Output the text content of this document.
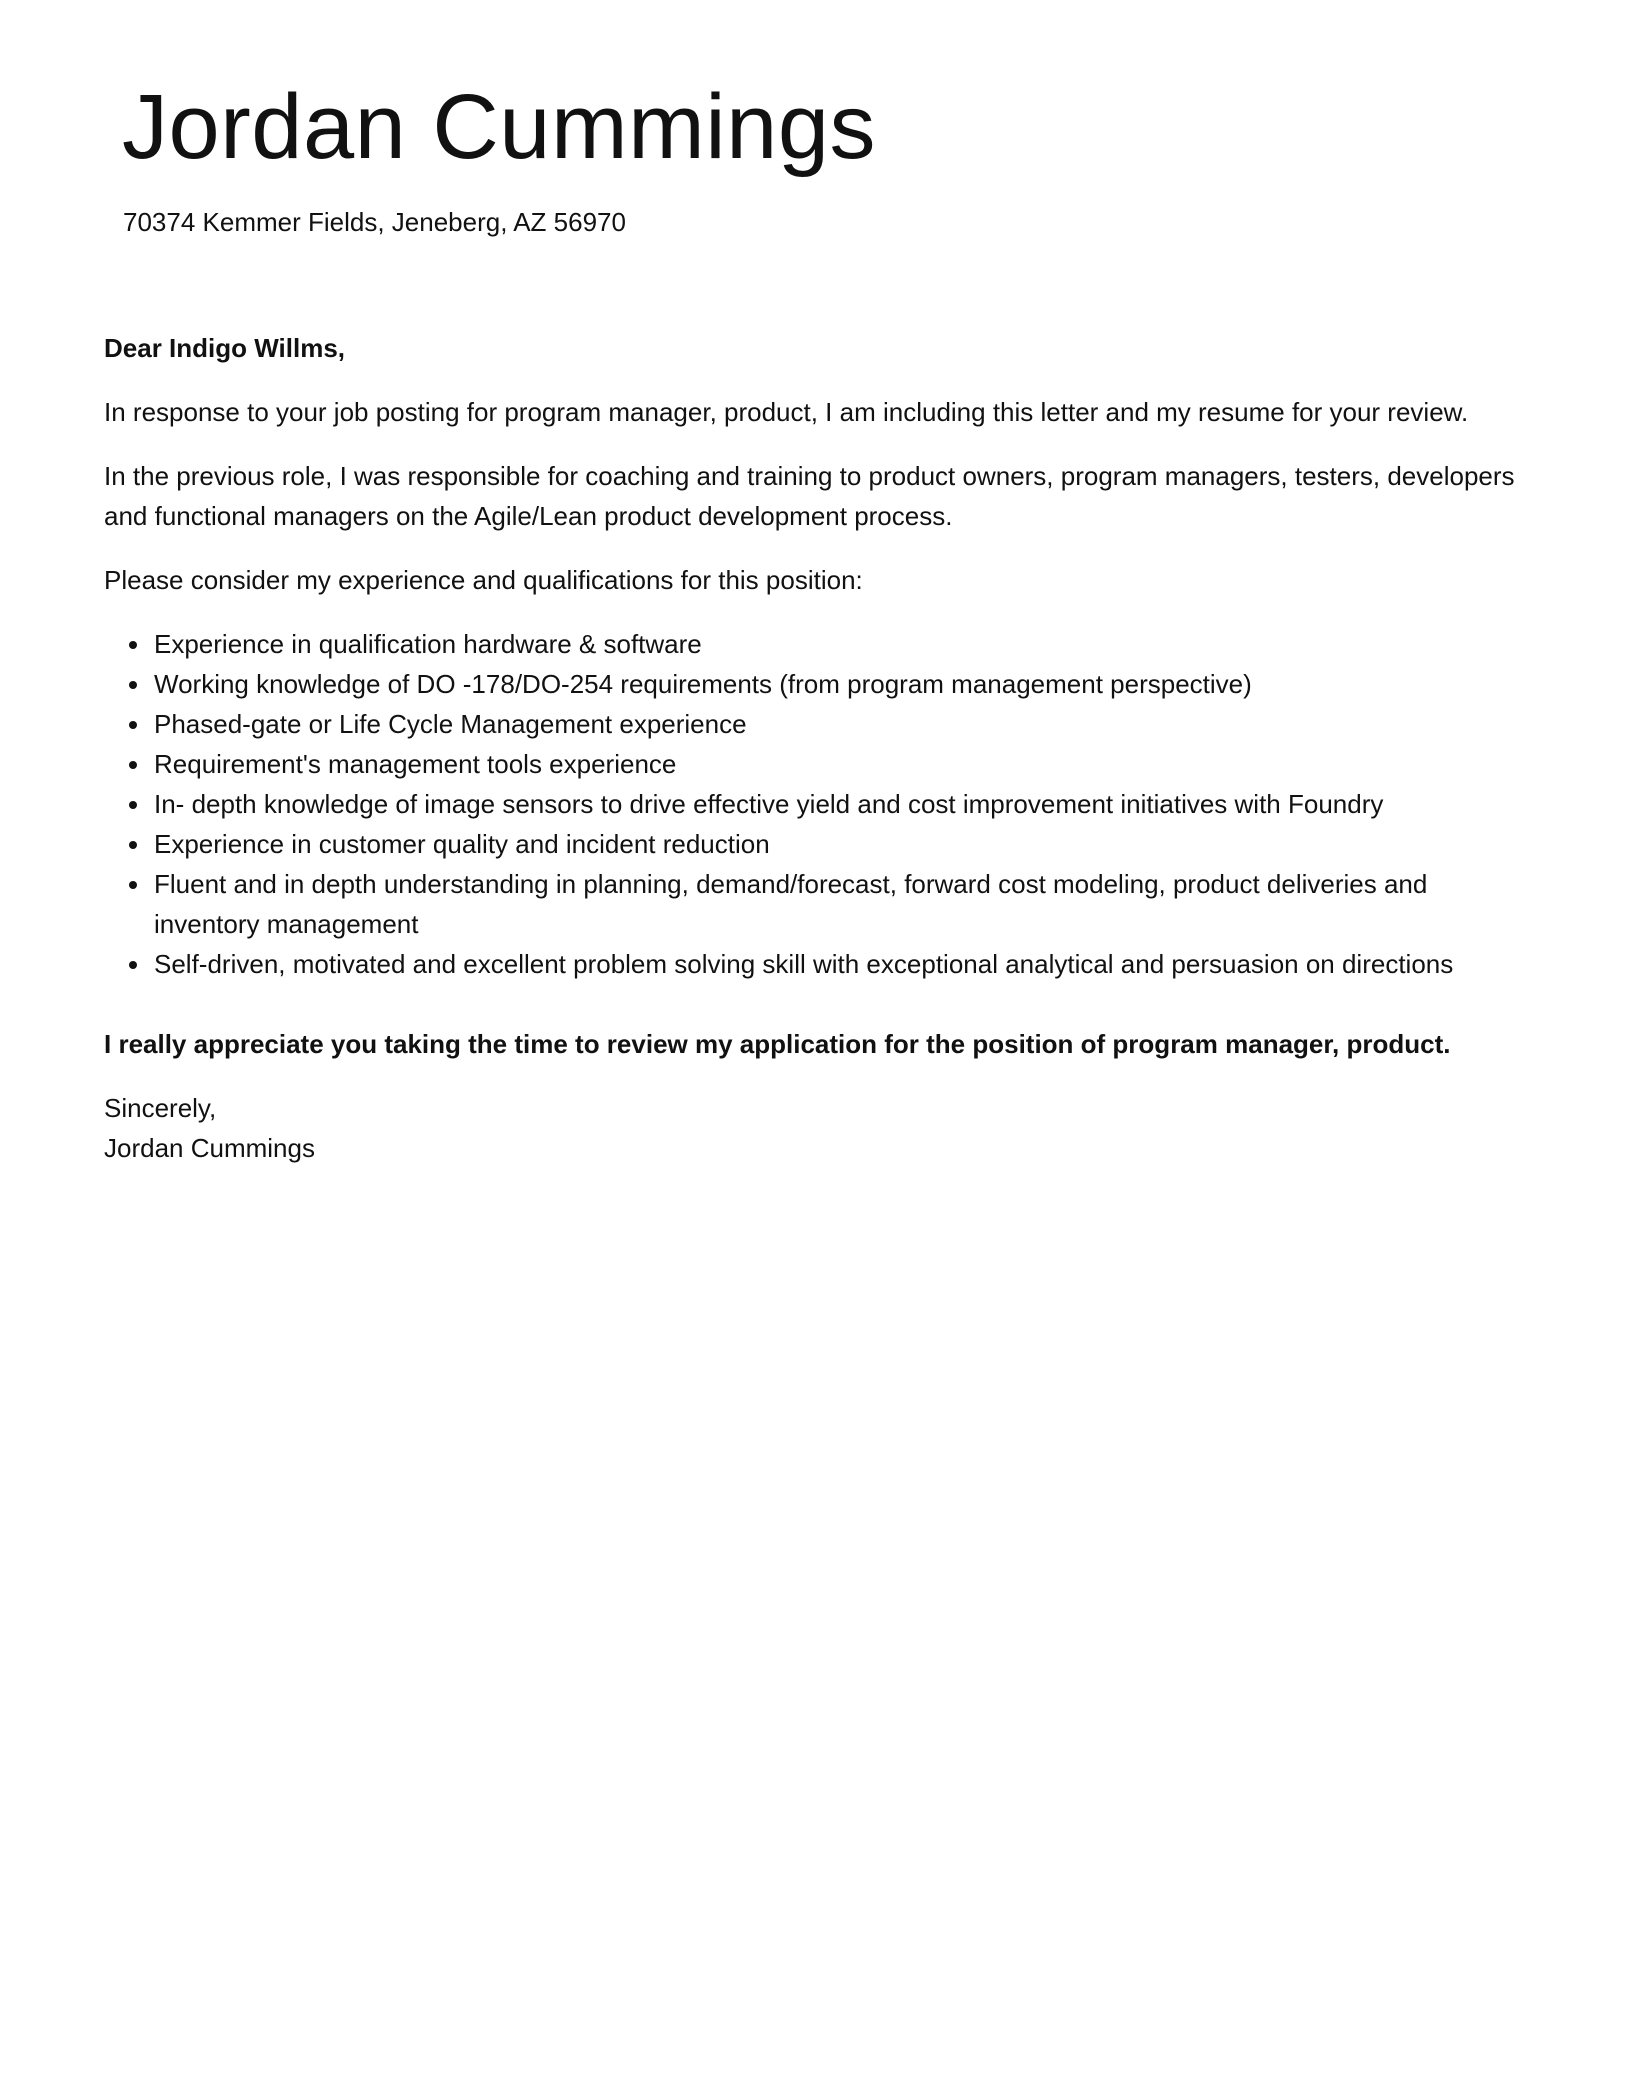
Jordan Cummings
70374 Kemmer Fields, Jeneberg, AZ 56970

Dear Indigo Willms,

In response to your job posting for program manager, product, I am including this letter and my resume for your review.

In the previous role, I was responsible for coaching and training to product owners, program managers, testers, developers and functional managers on the Agile/Lean product development process.

Please consider my experience and qualifications for this position:

• Experience in qualification hardware & software
• Working knowledge of DO -178/DO-254 requirements (from program management perspective)
• Phased-gate or Life Cycle Management experience
• Requirement's management tools experience
• In- depth knowledge of image sensors to drive effective yield and cost improvement initiatives with Foundry
• Experience in customer quality and incident reduction
• Fluent and in depth understanding in planning, demand/forecast, forward cost modeling, product deliveries and inventory management
• Self-driven, motivated and excellent problem solving skill with exceptional analytical and persuasion on directions

I really appreciate you taking the time to review my application for the position of program manager, product.

Sincerely,
Jordan Cummings
